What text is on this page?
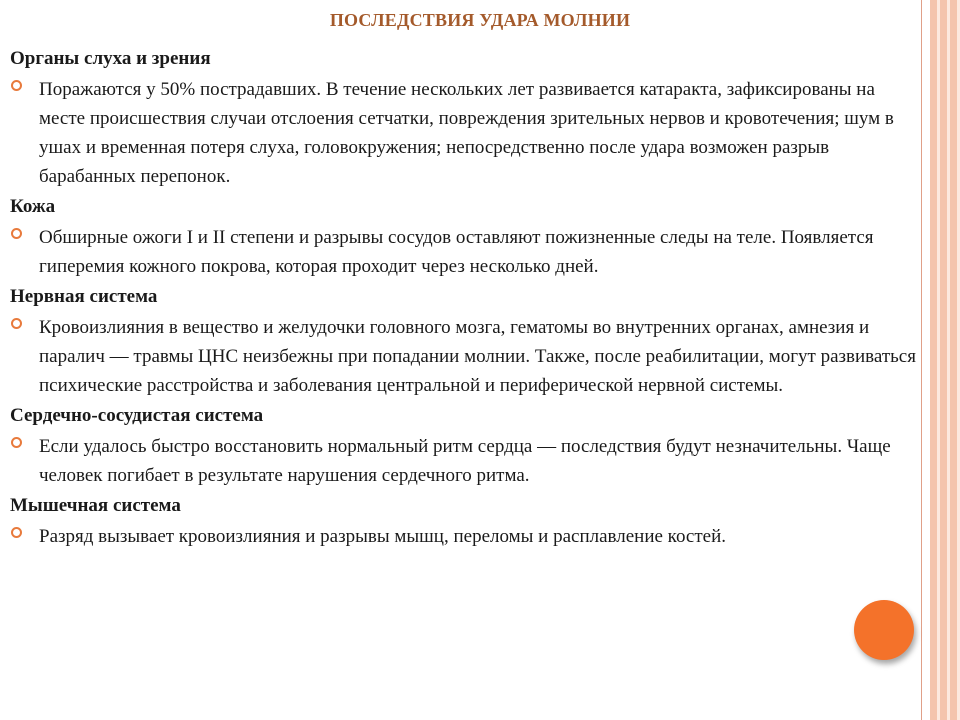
ПОСЛЕДСТВИЯ УДАРА МОЛНИИ
Органы слуха и зрения
Поражаются у 50% пострадавших. В течение нескольких лет развивается катаракта, зафиксированы на месте происшествия случаи отслоения сетчатки, повреждения зрительных нервов и кровотечения; шум в ушах и временная потеря слуха, головокружения; непосредственно после удара возможен разрыв барабанных перепонок.
Кожа
Обширные ожоги I и II степени и разрывы сосудов оставляют пожизненные следы на теле. Появляется гиперемия кожного покрова, которая проходит через несколько дней.
Нервная система
Кровоизлияния в вещество и желудочки головного мозга, гематомы во внутренних органах, амнезия и паралич — травмы ЦНС неизбежны при попадании молнии. Также, после реабилитации, могут развиваться психические расстройства и заболевания центральной и периферической нервной системы.
Сердечно-сосудистая система
Если удалось быстро восстановить нормальный ритм сердца — последствия будут незначительны. Чаще человек погибает в результате нарушения сердечного ритма.
Мышечная система
Разряд вызывает кровоизлияния и разрывы мышц, переломы и расплавление костей.
